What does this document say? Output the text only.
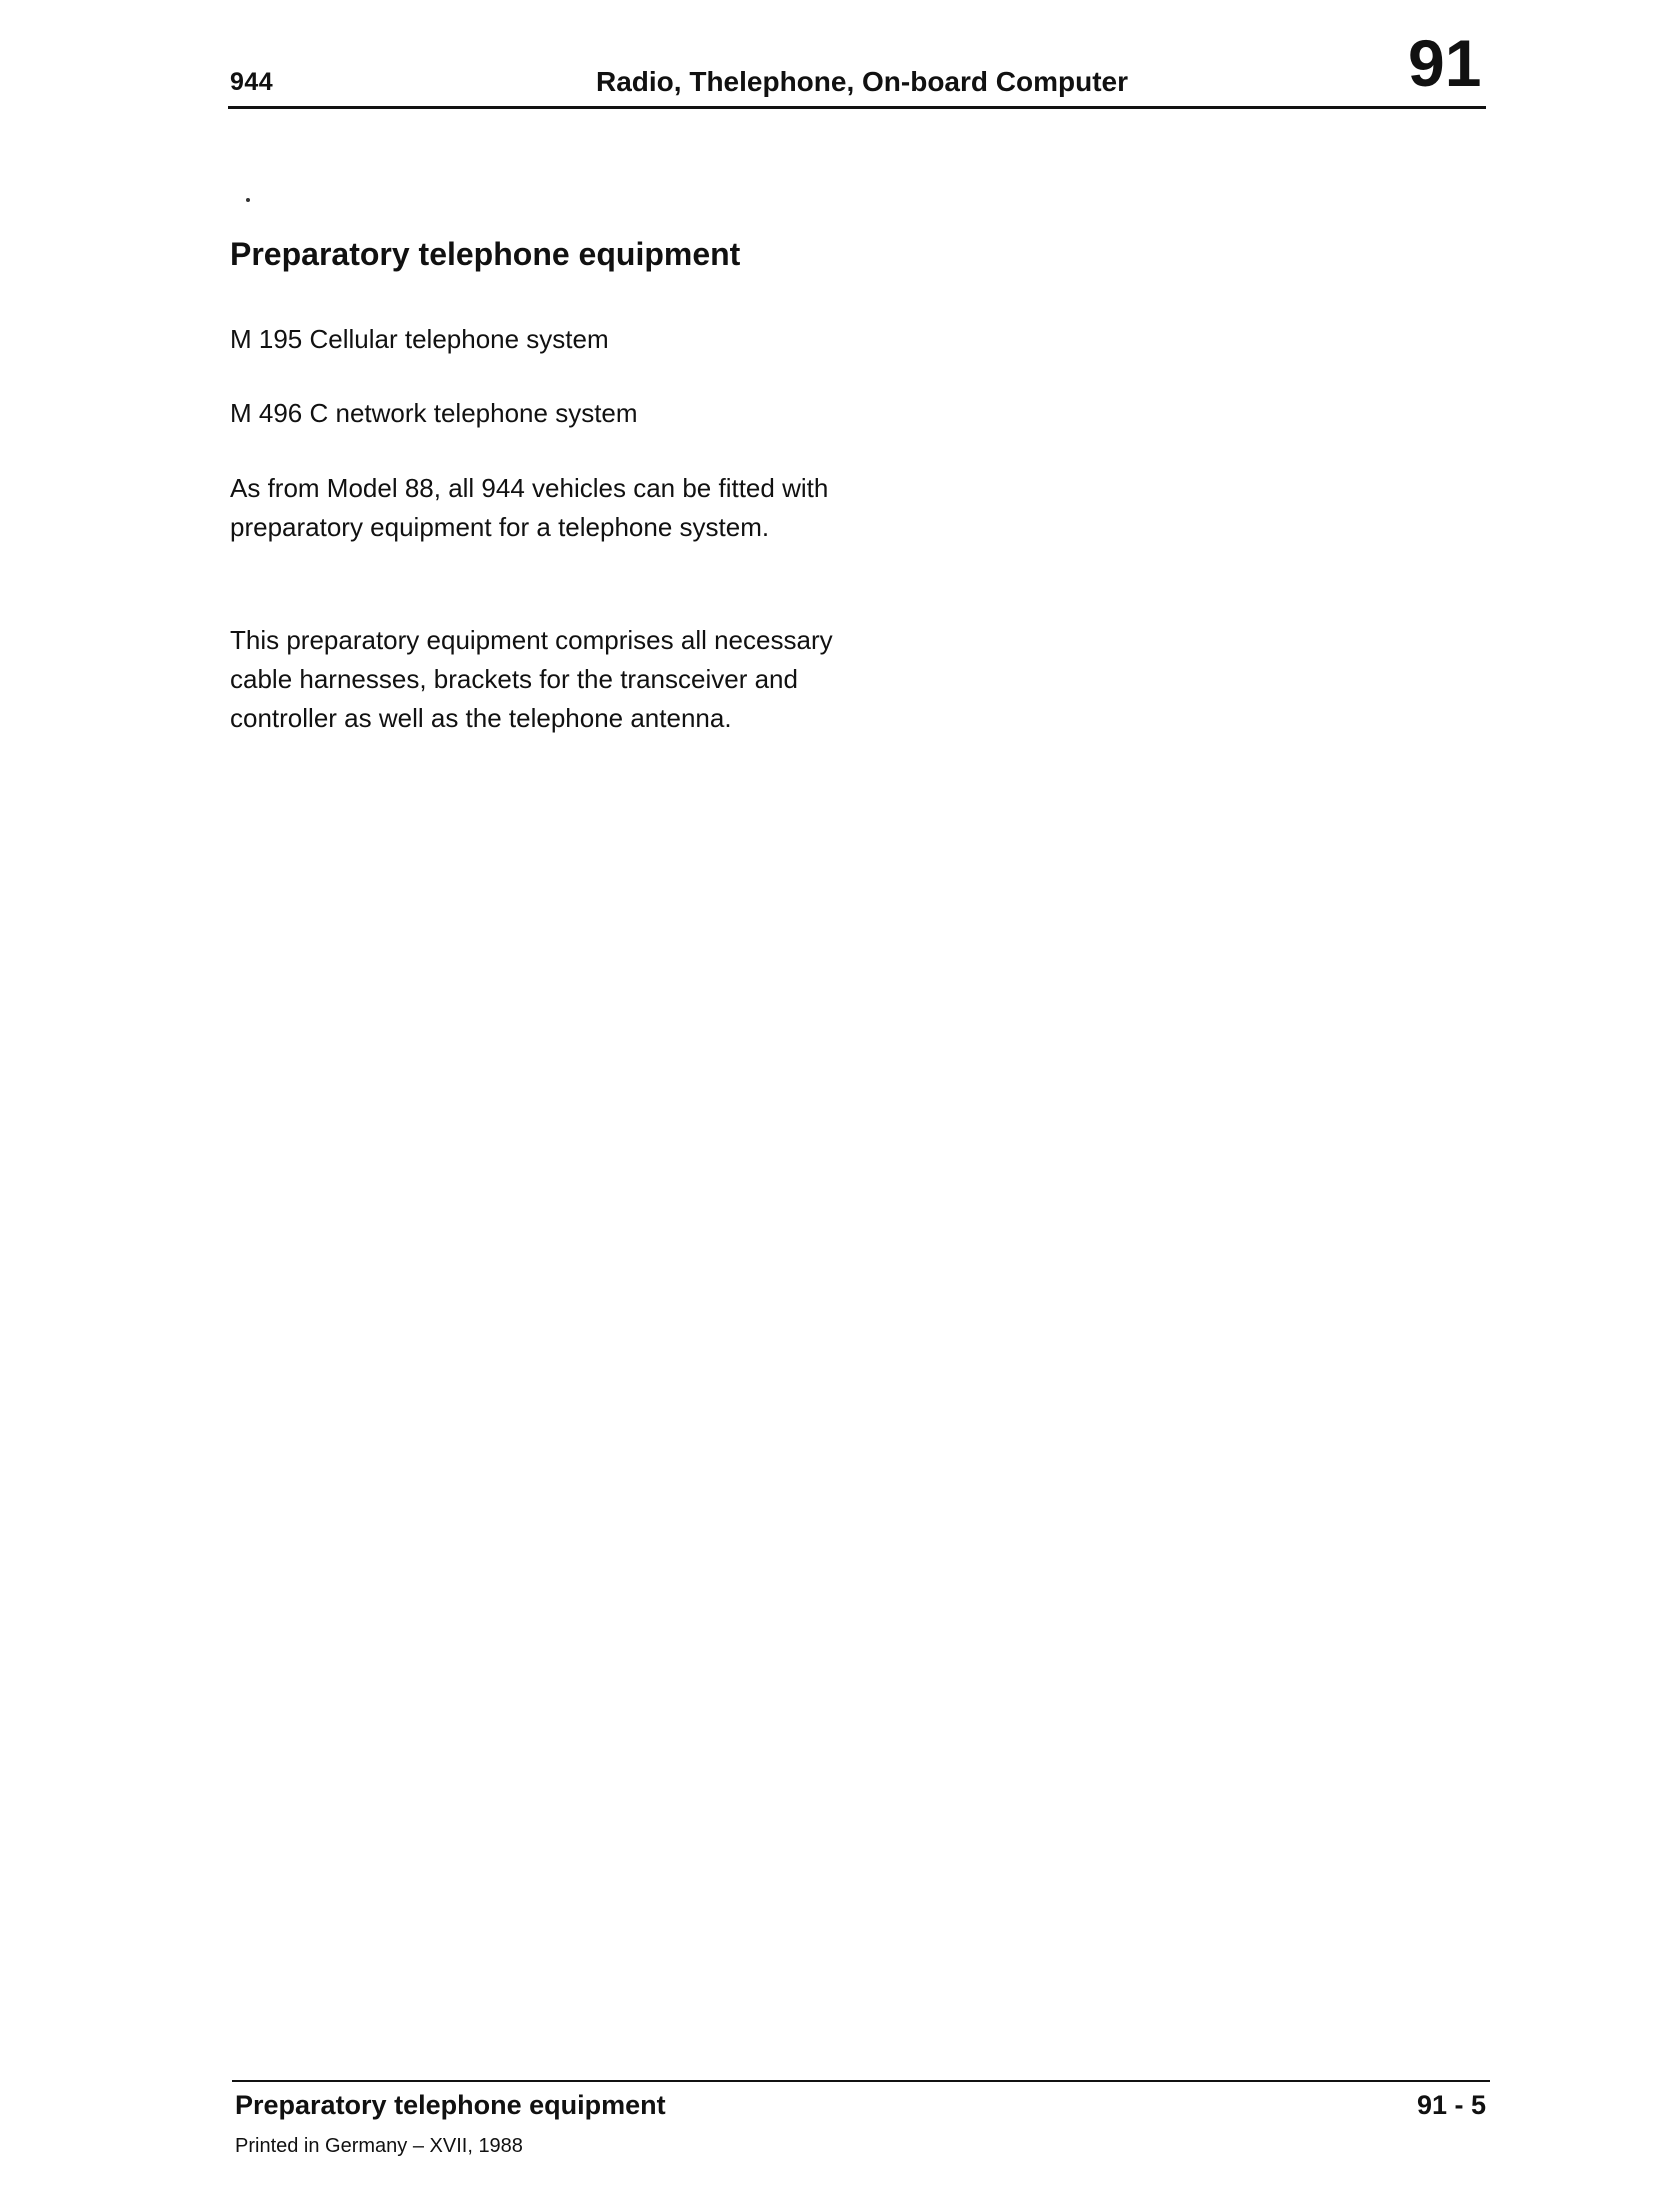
944	Radio, Thelephone, On-board Computer	91
Preparatory telephone equipment

M 195 Cellular telephone system

M 496 C network telephone system

As from Model 88, all 944 vehicles can be fitted with preparatory equipment for a telephone system.

This preparatory equipment comprises all necessary cable harnesses, brackets for the transceiver and controller as well as the telephone antenna.

Preparatory telephone equipment	91 - 5
Printed in Germany – XVII, 1988
